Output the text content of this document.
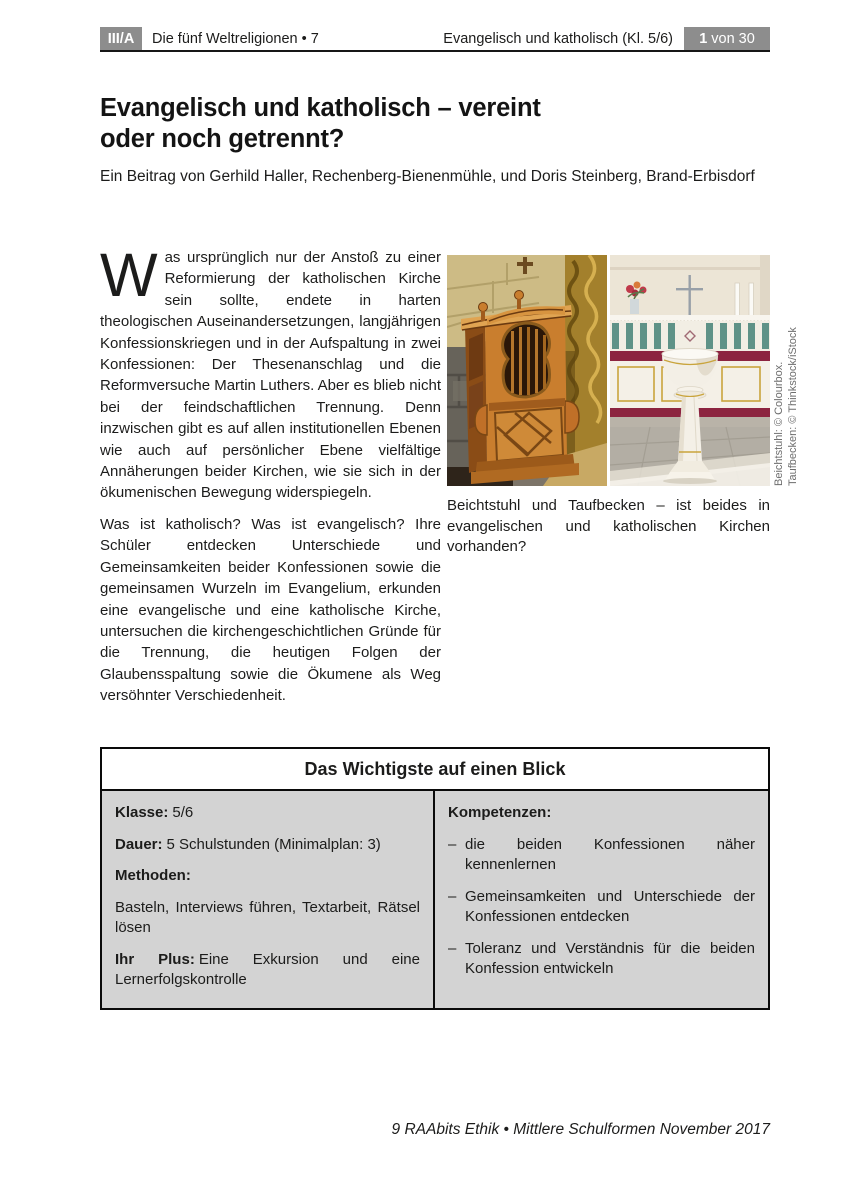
III/A	Die fünf Weltreligionen • 7	Evangelisch und katholisch (Kl. 5/6) 1 von 30
Evangelisch und katholisch – vereint
oder noch getrennt?
Ein Beitrag von Gerhild Haller, Rechenberg-Bienenmühle, und Doris Steinberg, Brand-Erbisdorf

Was ursprünglich nur der Anstoß zu einer Reformierung der katholischen Kirche sein sollte, endete in harten theologischen Auseinandersetzungen, langjährigen Konfessionskriegen und in der Aufspaltung in zwei Konfessionen: Der Thesenanschlag und die Reformversuche Martin Luthers. Aber es blieb nicht bei der feindschaftlichen Trennung. Denn inzwischen gibt es auf allen institutionellen Ebenen wie auch auf persönlicher Ebene vielfältige Annäherungen beider Kirchen, wie sie sich in der ökumenischen Bewegung widerspiegeln.

Was ist katholisch? Was ist evangelisch? Ihre Schüler entdecken Unterschiede und Gemeinsamkeiten beider Konfessionen sowie die gemeinsamen Wurzeln im Evangelium, erkunden eine evangelische und eine katholische Kirche, untersuchen die kirchengeschichtlichen Gründe für die Trennung, die heutigen Folgen der Glaubensspaltung sowie die Ökumene als Weg versöhnter Verschiedenheit.

Beichtstuhl und Taufbecken – ist beides in evangelischen und katholischen Kirchen vorhanden?
Beichtstuhl: © Colourbox. Taufbecken: © Thinkstock/iStock
Das Wichtigste auf einen Blick

Klasse: 5/6

Dauer: 5 Schulstunden (Minimalplan: 3)

Methoden:

Basteln, Interviews führen, Textarbeit, Rätsel lösen

Ihr Plus: Eine Exkursion und eine Lernerfolgskontrolle

Kompetenzen:

– die beiden Konfessionen näher kennenlernen
– Gemeinsamkeiten und Unterschiede der Konfessionen entdecken
– Toleranz und Verständnis für die beiden Konfession entwickeln
9 RAAbits Ethik • Mittlere Schulformen November 2017
